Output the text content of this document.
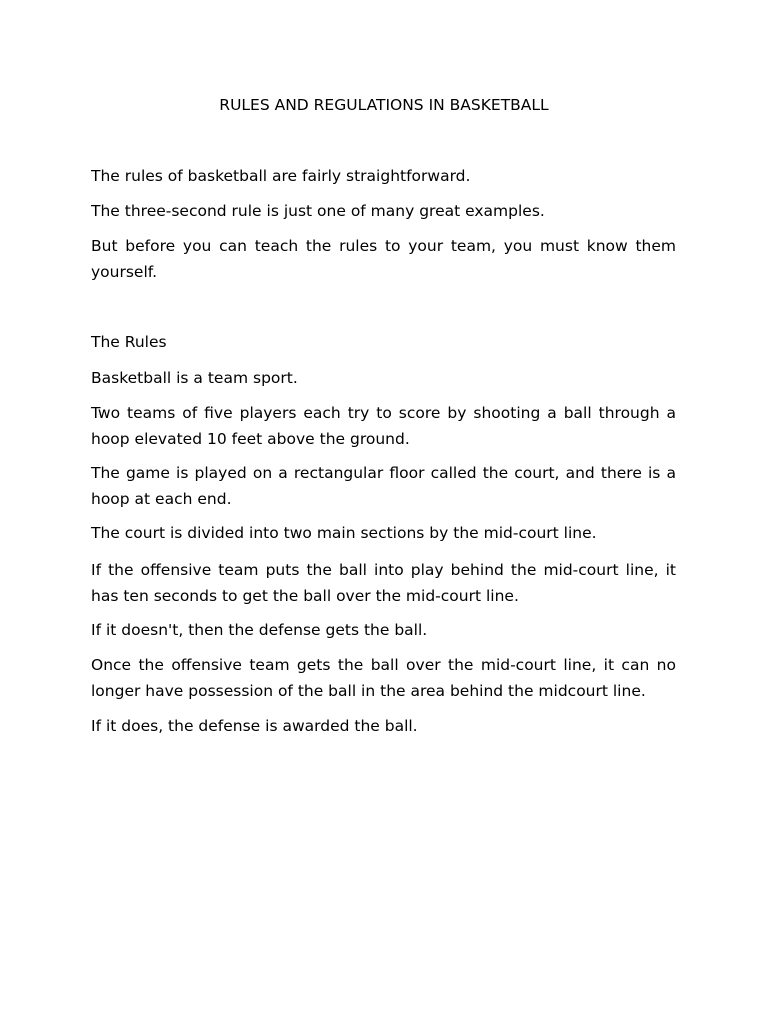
RULES AND REGULATIONS IN BASKETBALL

The rules of basketball are fairly straightforward.

The three-second rule is just one of many great examples.

But before you can teach the rules to your team, you must know them yourself.

The Rules

Basketball is a team sport.

Two teams of five players each try to score by shooting a ball through a hoop elevated 10 feet above the ground.

The game is played on a rectangular floor called the court, and there is a hoop at each end.

The court is divided into two main sections by the mid-court line.

If the offensive team puts the ball into play behind the mid-court line, it has ten seconds to get the ball over the mid-court line.

If it doesn't, then the defense gets the ball.

Once the offensive team gets the ball over the mid-court line, it can no longer have possession of the ball in the area behind the midcourt line.

If it does, the defense is awarded the ball.
